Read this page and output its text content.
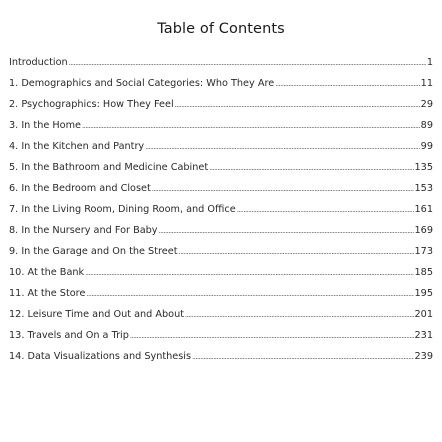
Table of Contents
Introduction .....	1
1. Demographics and Social Categories: Who They Are .....	11
2. Psychographics: How They Feel .....	29
3. In the Home .....	89
4. In the Kitchen and Pantry .....	99
5. In the Bathroom and Medicine Cabinet .....	135
6. In the Bedroom and Closet .....	153
7. In the Living Room, Dining Room, and Office .....	161
8. In the Nursery and For Baby .....	169
9. In the Garage and On the Street .....	173
10. At the Bank .....	185
11. At the Store .....	195
12. Leisure Time and Out and About .....	201
13. Travels and On a Trip .....	231
14. Data Visualizations and Synthesis .....	239
